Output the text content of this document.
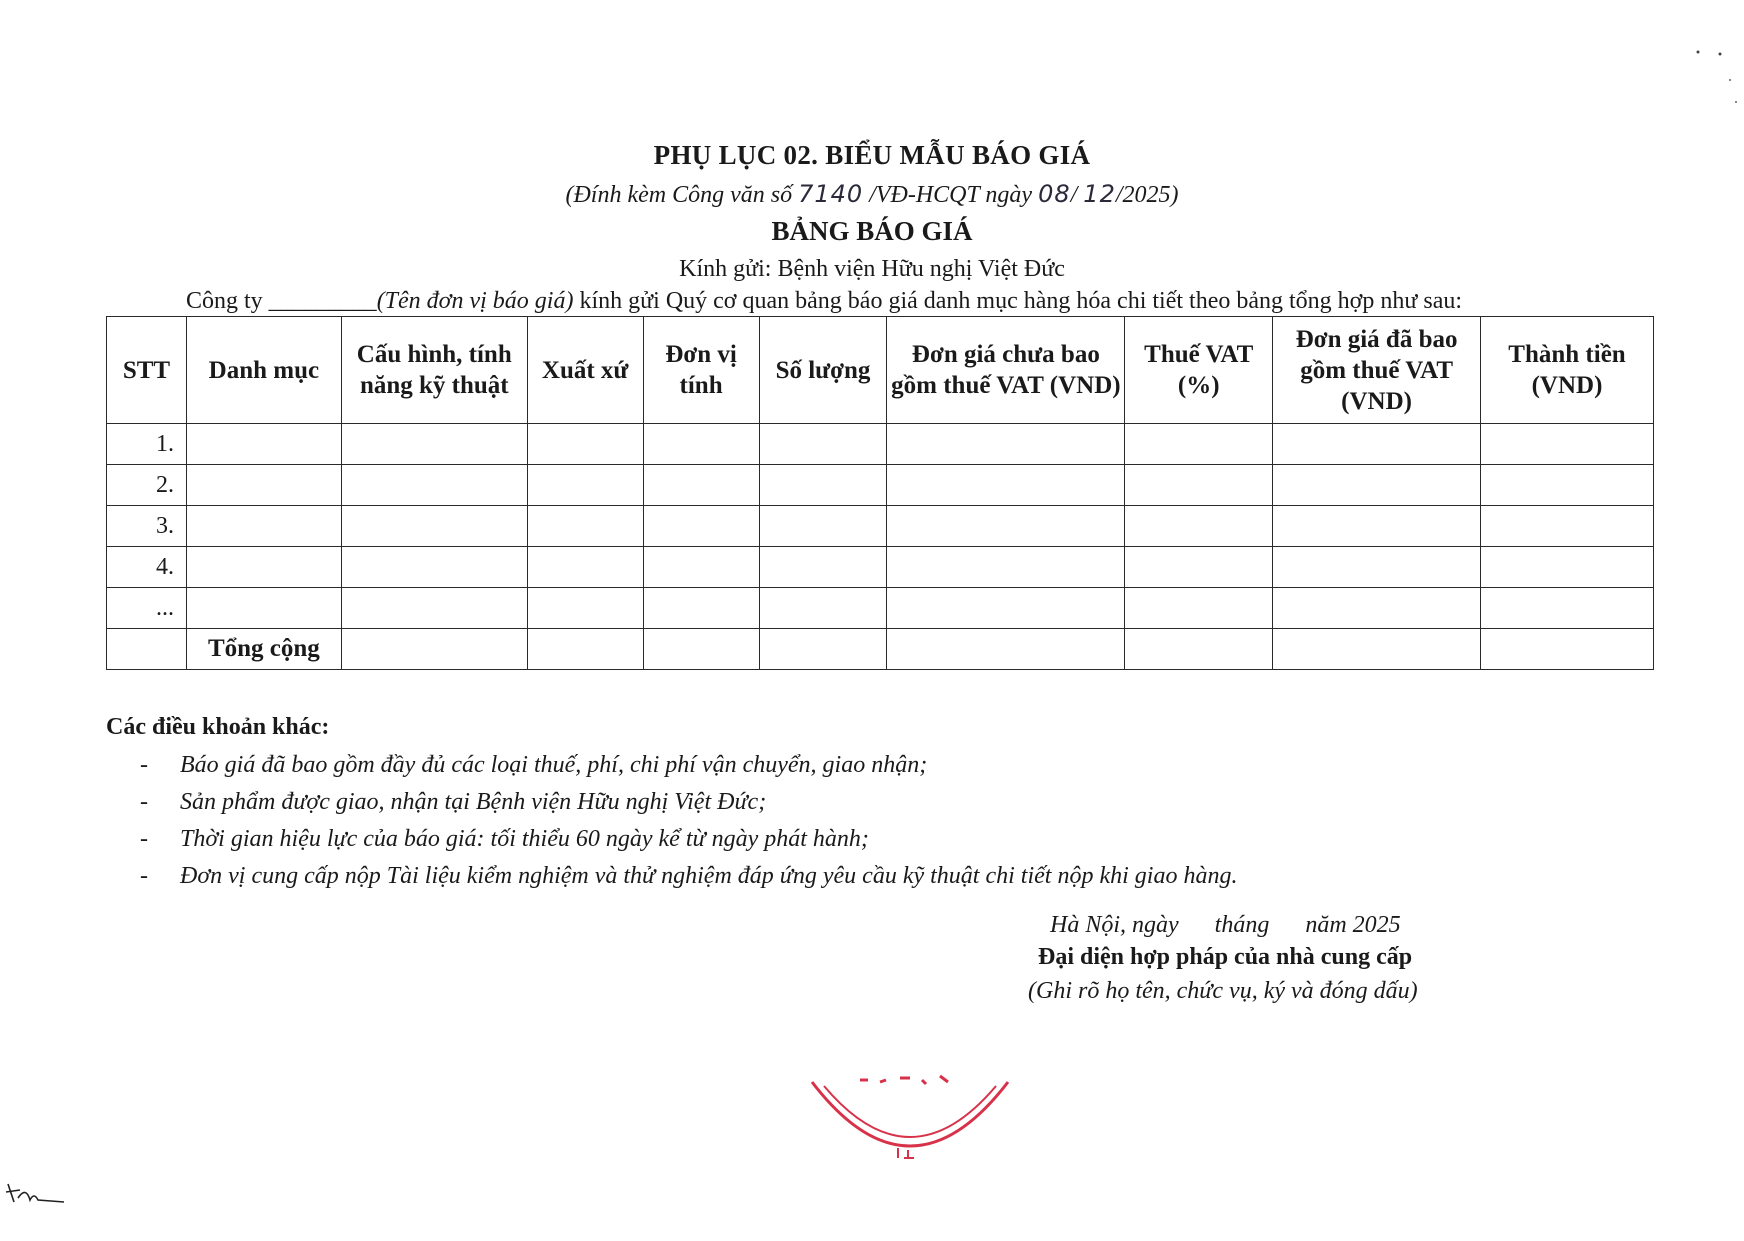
PHỤ LỤC 02. BIỂU MẪU BÁO GIÁ
(Đính kèm Công văn số 7140 /VĐ-HCQT ngày 08/ 12/2025)
BẢNG BÁO GIÁ
Kính gửi: Bệnh viện Hữu nghị Việt Đức
Công ty _________(Tên đơn vị báo giá) kính gửi Quý cơ quan bảng báo giá danh mục hàng hóa chi tiết theo bảng tổng hợp như sau:
STT	Danh mục	Cấu hình, tính năng kỹ thuật	Xuất xứ	Đơn vị tính	Số lượng	Đơn giá chưa bao gồm thuế VAT (VND)	Thuế VAT (%)	Đơn giá đã bao gồm thuế VAT (VND)	Thành tiền (VND)
1.									
2.									
3.									
4.									
...									
	Tổng cộng								
Các điều khoản khác:
- Báo giá đã bao gồm đầy đủ các loại thuế, phí, chi phí vận chuyển, giao nhận;
- Sản phẩm được giao, nhận tại Bệnh viện Hữu nghị Việt Đức;
- Thời gian hiệu lực của báo giá: tối thiểu 60 ngày kể từ ngày phát hành;
- Đơn vị cung cấp nộp Tài liệu kiểm nghiệm và thử nghiệm đáp ứng yêu cầu kỹ thuật chi tiết nộp khi giao hàng.
Hà Nội, ngày      tháng      năm 2025
Đại diện hợp pháp của nhà cung cấp
(Ghi rõ họ tên, chức vụ, ký và đóng dấu)
